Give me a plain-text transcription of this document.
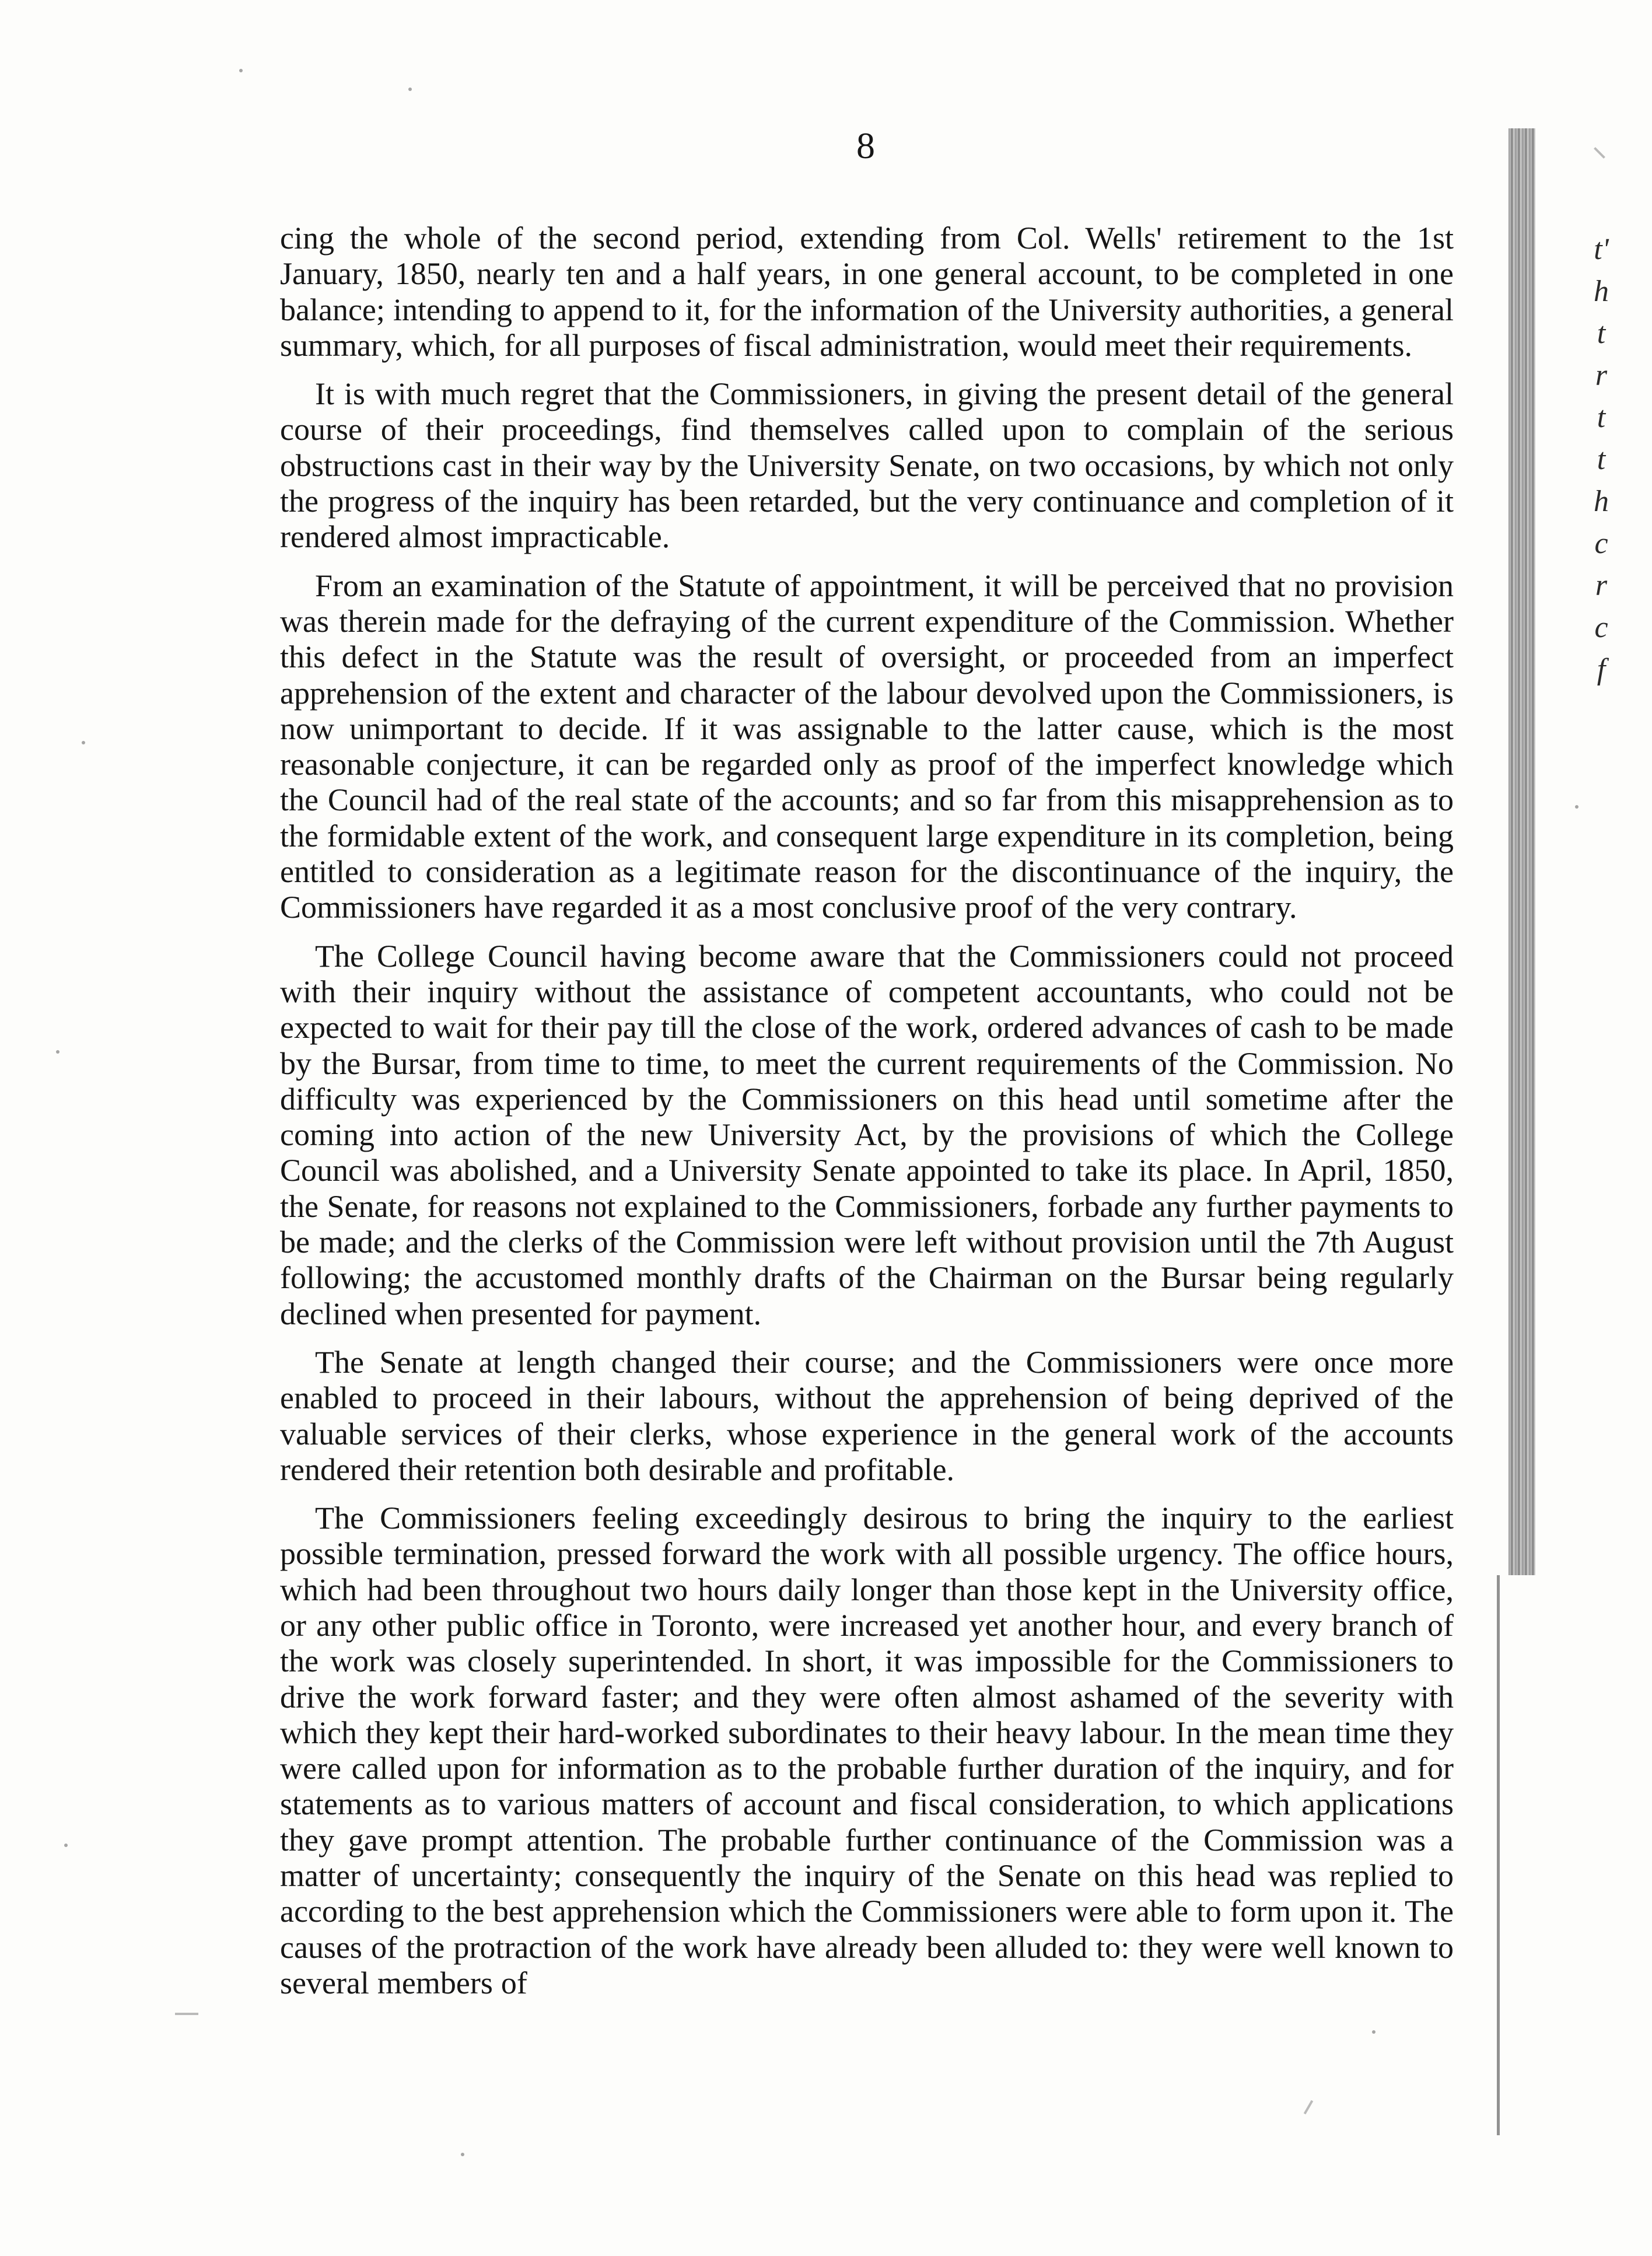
8

cing the whole of the second period, extending from Col. Wells' retirement to the 1st January, 1850, nearly ten and a half years, in one general account, to be completed in one balance; intending to append to it, for the information of the University authorities, a general summary, which, for all purposes of fiscal administration, would meet their requirements.

It is with much regret that the Commissioners, in giving the present detail of the general course of their proceedings, find themselves called upon to complain of the serious obstructions cast in their way by the University Senate, on two occasions, by which not only the progress of the inquiry has been retarded, but the very continuance and completion of it rendered almost impracticable.

From an examination of the Statute of appointment, it will be perceived that no provision was therein made for the defraying of the current expenditure of the Commission. Whether this defect in the Statute was the result of oversight, or proceeded from an imperfect apprehension of the extent and character of the labour devolved upon the Commissioners, is now unimportant to decide. If it was assignable to the latter cause, which is the most reasonable conjecture, it can be regarded only as proof of the imperfect knowledge which the Council had of the real state of the accounts; and so far from this misapprehension as to the formidable extent of the work, and consequent large expenditure in its completion, being entitled to consideration as a legitimate reason for the discontinuance of the inquiry, the Commissioners have regarded it as a most conclusive proof of the very contrary.

The College Council having become aware that the Commissioners could not proceed with their inquiry without the assistance of competent accountants, who could not be expected to wait for their pay till the close of the work, ordered advances of cash to be made by the Bursar, from time to time, to meet the current requirements of the Commission. No difficulty was experienced by the Commissioners on this head until sometime after the coming into action of the new University Act, by the provisions of which the College Council was abolished, and a University Senate appointed to take its place. In April, 1850, the Senate, for reasons not explained to the Commissioners, forbade any further payments to be made; and the clerks of the Commission were left without provision until the 7th August following; the accustomed monthly drafts of the Chairman on the Bursar being regularly declined when presented for payment.

The Senate at length changed their course; and the Commissioners were once more enabled to proceed in their labours, without the apprehension of being deprived of the valuable services of their clerks, whose experience in the general work of the accounts rendered their retention both desirable and profitable.

The Commissioners feeling exceedingly desirous to bring the inquiry to the earliest possible termination, pressed forward the work with all possible urgency. The office hours, which had been throughout two hours daily longer than those kept in the University office, or any other public office in Toronto, were increased yet another hour, and every branch of the work was closely superintended. In short, it was impossible for the Commissioners to drive the work forward faster; and they were often almost ashamed of the severity with which they kept their hard-worked subordinates to their heavy labour. In the mean time they were called upon for information as to the probable further duration of the inquiry, and for statements as to various matters of account and fiscal consideration, to which applications they gave prompt attention. The probable further continuance of the Commission was a matter of uncertainty; consequently the inquiry of the Senate on this head was replied to according to the best apprehension which the Commissioners were able to form upon it. The causes of the protraction of the work have already been alluded to: they were well known to several members of

t'
h
t
r
t
t
h
c
r
c
f
